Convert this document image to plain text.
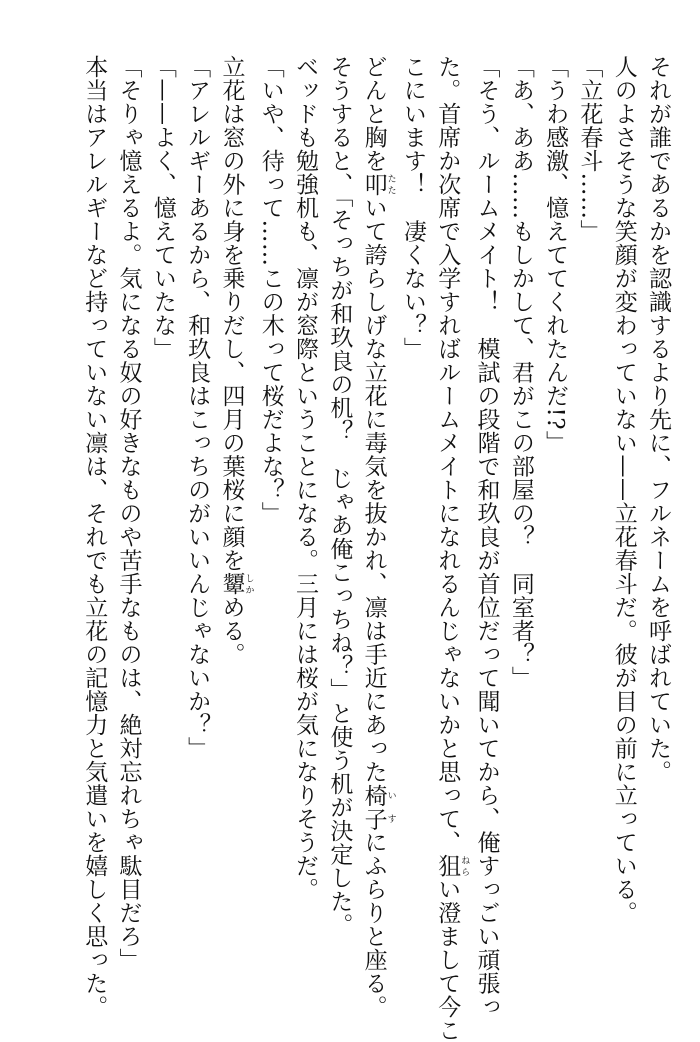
それが誰であるかを認識するより先に、フルネームを呼ばれていた。
人のよさそうな笑顔が変わっていない——立花春斗だ。彼が目の前に立っている。
「立花春斗……」
「うわ感激、憶えててくれたんだ!?」
「あ、ああ……もしかして、君がこの部屋の？　同室者？」
「そう、ルームメイト！　模試の段階で和玖良が首位だって聞いてから、俺すっごい頑張っ
た。首席か次席で入学すればルームメイトになれるんじゃないかと思って、狙 ねらい澄まして今こ
こにいます！　凄くない？」
どんと胸を叩 たたいて誇らしげな立花に毒気を抜かれ、凛は手近にあった椅子 いすにふらりと座る。
そうすると、「そっちが和玖良の机？　じゃあ俺こっちね？」と使う机が決定した。
ベッドも勉強机も、凛が窓際ということになる。三月には桜が気になりそうだ。
「いや、待って……この木って桜だよな？」
立花は窓の外に身を乗りだし、四月の葉桜に顔を顰 しかめる。
「アレルギーあるから、和玖良はこっちのがいいんじゃないか？」
「——よく、憶えていたな」
「そりゃ憶えるよ。気になる奴の好きなものや苦手なものは、絶対忘れちゃ駄目だろ」
本当はアレルギーなど持っていない凛は、それでも立花の記憶力と気遣いを嬉しく思った。
